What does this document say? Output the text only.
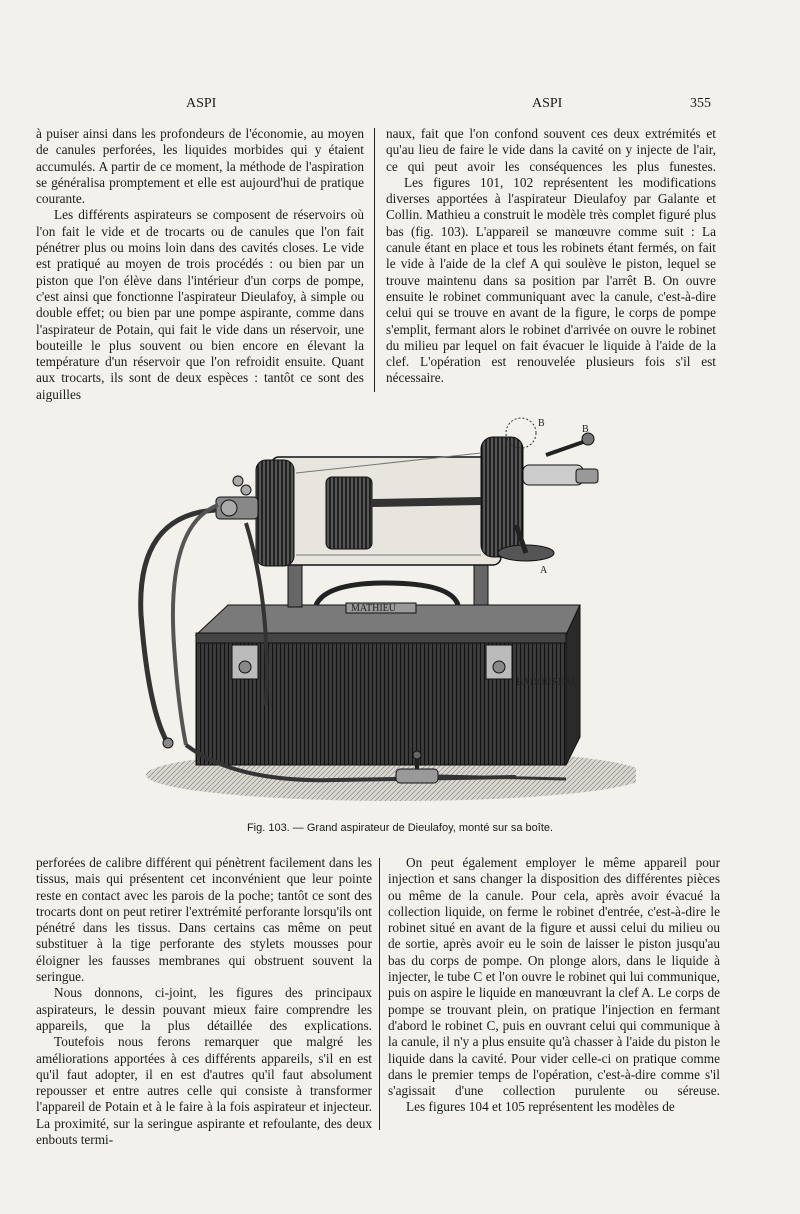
ASPI	ASPI	355

à puiser ainsi dans les profondeurs de l'économie, au moyen de canules perforées, les liquides morbides qui y étaient accumulés. A partir de ce moment, la méthode de l'aspiration se généralisa promptement et elle est aujourd'hui de pratique courante.

Les différents aspirateurs se composent de réservoirs où l'on fait le vide et de trocarts ou de canules que l'on fait pénétrer plus ou moins loin dans des cavités closes. Le vide est pratiqué au moyen de trois procédés : ou bien par un piston que l'on élève dans l'intérieur d'un corps de pompe, c'est ainsi que fonctionne l'aspirateur Dieulafoy, à simple ou double effet; ou bien par une pompe aspirante, comme dans l'aspirateur de Potain, qui fait le vide dans un réservoir, une bouteille le plus souvent ou bien encore en élevant la température d'un réservoir que l'on refroidit ensuite. Quant aux trocarts, ils sont de deux espèces : tantôt ce sont des aiguilles

naux, fait que l'on confond souvent ces deux extrémités et qu'au lieu de faire le vide dans la cavité on y injecte de l'air, ce qui peut avoir les conséquences les plus funestes.

Les figures 101, 102 représentent les modifications diverses apportées à l'aspirateur Dieulafoy par Galante et Collin. Mathieu a construit le modèle très complet figuré plus bas (fig. 103). L'appareil se manœuvre comme suit : La canule étant en place et tous les robinets étant fermés, on fait le vide à l'aide de la clef A qui soulève le piston, lequel se trouve maintenu dans sa position par l'arrêt B. On ouvre ensuite le robinet communiquant avec la canule, c'est-à-dire celui qui se trouve en avant de la figure, le corps de pompe s'emplit, fermant alors le robinet d'arrivée on ouvre le robinet du milieu par lequel on fait évacuer le liquide à l'aide de la clef. L'opération est renouvelée plusieurs fois s'il est nécessaire.

MATHIEU
BADOUREAU
B
B
A
Fig. 103. — Grand aspirateur de Dieulafoy, monté sur sa boîte.

perforées de calibre différent qui pénètrent facilement dans les tissus, mais qui présentent cet inconvénient que leur pointe reste en contact avec les parois de la poche; tantôt ce sont des trocarts dont on peut retirer l'extrémité perforante lorsqu'ils ont pénétré dans les tissus. Dans certains cas même on peut substituer à la tige perforante des stylets mousses pour éloigner les fausses membranes qui obstruent souvent la seringue.

Nous donnons, ci-joint, les figures des principaux aspirateurs, le dessin pouvant mieux faire comprendre les appareils, que la plus détaillée des explications.

Toutefois nous ferons remarquer que malgré les améliorations apportées à ces différents appareils, s'il en est qu'il faut adopter, il en est d'autres qu'il faut absolument repousser et entre autres celle qui consiste à transformer l'appareil de Potain et à le faire à la fois aspirateur et injecteur. La proximité, sur la seringue aspirante et refoulante, des deux enbouts termi-

On peut également employer le même appareil pour injection et sans changer la disposition des différentes pièces ou même de la canule. Pour cela, après avoir évacué la collection liquide, on ferme le robinet d'entrée, c'est-à-dire le robinet situé en avant de la figure et aussi celui du milieu ou de sortie, après avoir eu le soin de laisser le piston jusqu'au bas du corps de pompe. On plonge alors, dans le liquide à injecter, le tube C et l'on ouvre le robinet qui lui communique, puis on aspire le liquide en manœuvrant la clef A. Le corps de pompe se trouvant plein, on pratique l'injection en fermant d'abord le robinet C, puis en ouvrant celui qui communique à la canule, il n'y a plus ensuite qu'à chasser à l'aide du piston le liquide dans la cavité. Pour vider celle-ci on pratique comme dans le premier temps de l'opération, c'est-à-dire comme s'il s'agissait d'une collection purulente ou séreuse.

Les figures 104 et 105 représentent les modèles de
